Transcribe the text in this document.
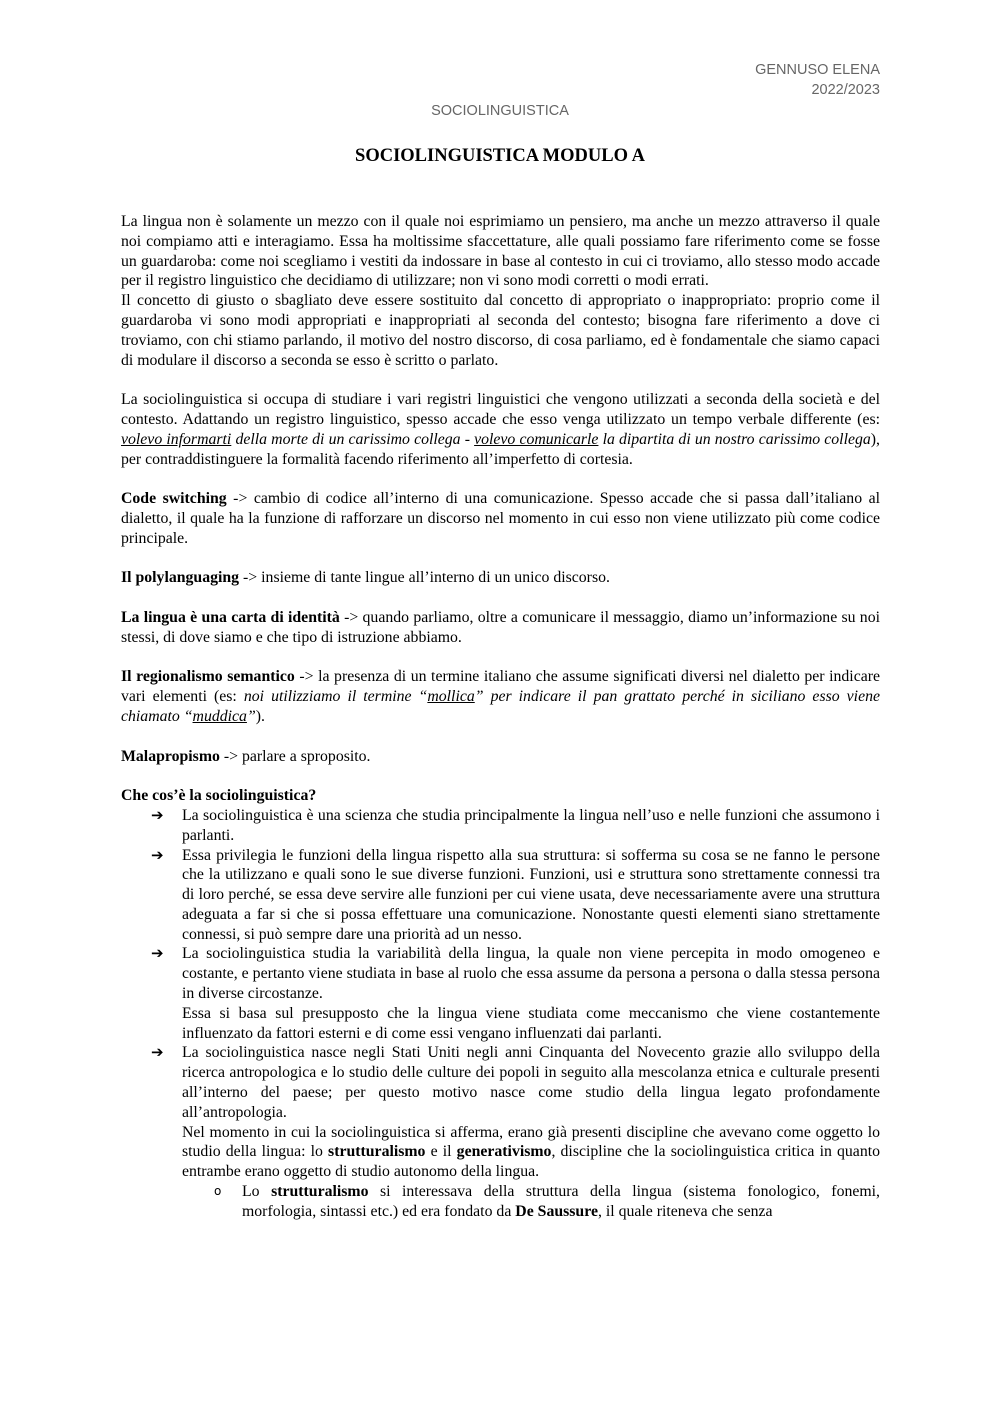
GENNUSO ELENA
2022/2023
SOCIOLINGUISTICA
SOCIOLINGUISTICA MODULO A

La lingua non è solamente un mezzo con il quale noi esprimiamo un pensiero, ma anche un mezzo attraverso il quale noi compiamo atti e interagiamo. Essa ha moltissime sfaccettature, alle quali possiamo fare riferimento come se fosse un guardaroba: come noi scegliamo i vestiti da indossare in base al contesto in cui ci troviamo, allo stesso modo accade per il registro linguistico che decidiamo di utilizzare; non vi sono modi corretti o modi errati.

Il concetto di giusto o sbagliato deve essere sostituito dal concetto di appropriato o inappropriato: proprio come il guardaroba vi sono modi appropriati e inappropriati al seconda del contesto; bisogna fare riferimento a dove ci troviamo, con chi stiamo parlando, il motivo del nostro discorso, di cosa parliamo, ed è fondamentale che siamo capaci di modulare il discorso a seconda se esso è scritto o parlato.

La sociolinguistica si occupa di studiare i vari registri linguistici che vengono utilizzati a seconda della società e del contesto. Adattando un registro linguistico, spesso accade che esso venga utilizzato un tempo verbale differente (es: volevo informarti della morte di un carissimo collega - volevo comunicarle la dipartita di un nostro carissimo collega), per contraddistinguere la formalità facendo riferimento all’imperfetto di cortesia.

Code switching -> cambio di codice all’interno di una comunicazione. Spesso accade che si passa dall’italiano al dialetto, il quale ha la funzione di rafforzare un discorso nel momento in cui esso non viene utilizzato più come codice principale.

Il polylanguaging -> insieme di tante lingue all’interno di un unico discorso.

La lingua è una carta di identità -> quando parliamo, oltre a comunicare il messaggio, diamo un’informazione su noi stessi, di dove siamo e che tipo di istruzione abbiamo.

Il regionalismo semantico -> la presenza di un termine italiano che assume significati diversi nel dialetto per indicare vari elementi (es: noi utilizziamo il termine “mollica” per indicare il pan grattato perché in siciliano esso viene chiamato “muddica”).

Malapropismo -> parlare a sproposito.

Che cos’è la sociolinguistica?

➔ La sociolinguistica è una scienza che studia principalmente la lingua nell’uso e nelle funzioni che assumono i parlanti.
➔ Essa privilegia le funzioni della lingua rispetto alla sua struttura: si sofferma su cosa se ne fanno le persone che la utilizzano e quali sono le sue diverse funzioni. Funzioni, usi e struttura sono strettamente connessi tra di loro perché, se essa deve servire alle funzioni per cui viene usata, deve necessariamente avere una struttura adeguata a far si che si possa effettuare una comunicazione. Nonostante questi elementi siano strettamente connessi, si può sempre dare una priorità ad un nesso.
➔ La sociolinguistica studia la variabilità della lingua, la quale non viene percepita in modo omogeneo e costante, e pertanto viene studiata in base al ruolo che essa assume da persona a persona o dalla stessa persona in diverse circostanze.
Essa si basa sul presupposto che la lingua viene studiata come meccanismo che viene costantemente influenzato da fattori esterni e di come essi vengano influenzati dai parlanti.
➔ La sociolinguistica nasce negli Stati Uniti negli anni Cinquanta del Novecento grazie allo sviluppo della ricerca antropologica e lo studio delle culture dei popoli in seguito alla mescolanza etnica e culturale presenti all’interno del paese; per questo motivo nasce come studio della lingua legato profondamente all’antropologia.
Nel momento in cui la sociolinguistica si afferma, erano già presenti discipline che avevano come oggetto lo studio della lingua: lo strutturalismo e il generativismo, discipline che la sociolinguistica critica in quanto entrambe erano oggetto di studio autonomo della lingua.
o Lo strutturalismo si interessava della struttura della lingua (sistema fonologico, fonemi, morfologia, sintassi etc.) ed era fondato da De Saussure, il quale riteneva che senza
